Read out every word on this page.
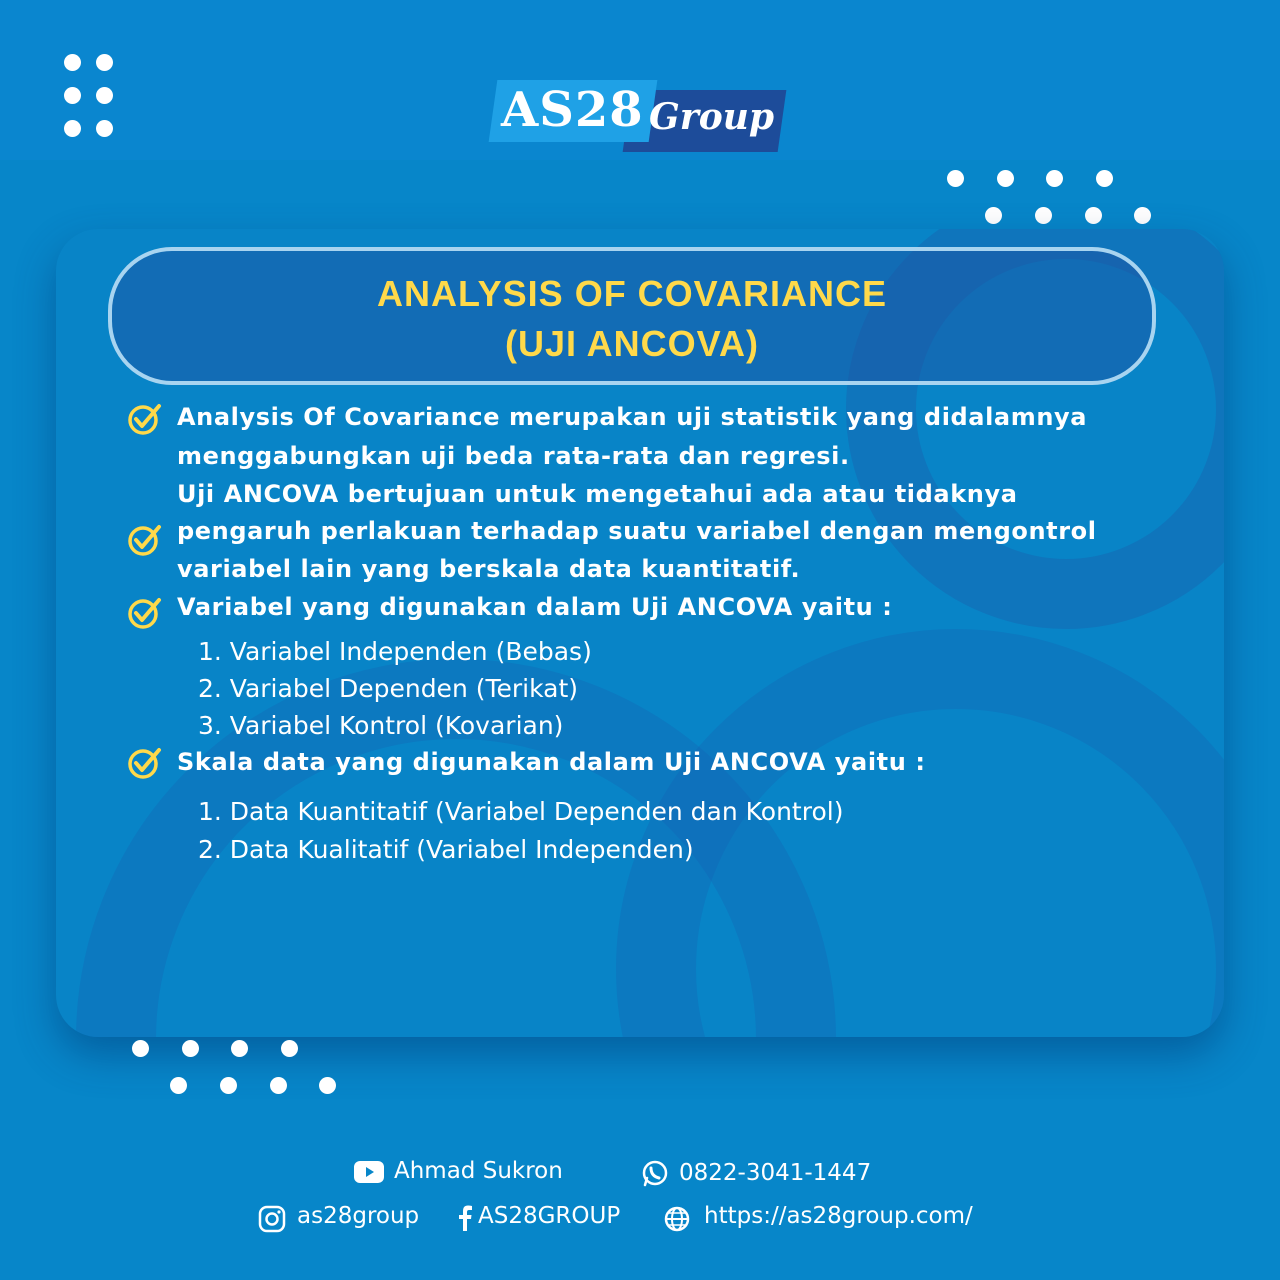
AS28 Group
ANALYSIS OF COVARIANCE
(UJI ANCOVA)
Analysis Of Covariance merupakan uji statistik yang didalamnya
menggabungkan uji beda rata-rata dan regresi.
Uji ANCOVA bertujuan untuk mengetahui ada atau tidaknya
pengaruh perlakuan terhadap suatu variabel dengan mengontrol
variabel lain yang berskala data kuantitatif.
Variabel yang digunakan dalam Uji ANCOVA yaitu :
1. Variabel Independen (Bebas)
2. Variabel Dependen (Terikat)
3. Variabel Kontrol (Kovarian)
Skala data yang digunakan dalam Uji ANCOVA yaitu :
1. Data Kuantitatif (Variabel Dependen dan Kontrol)
2. Data Kualitatif (Variabel Independen)
Ahmad Sukron	0822-3041-1447
as28group	AS28GROUP	https://as28group.com/
